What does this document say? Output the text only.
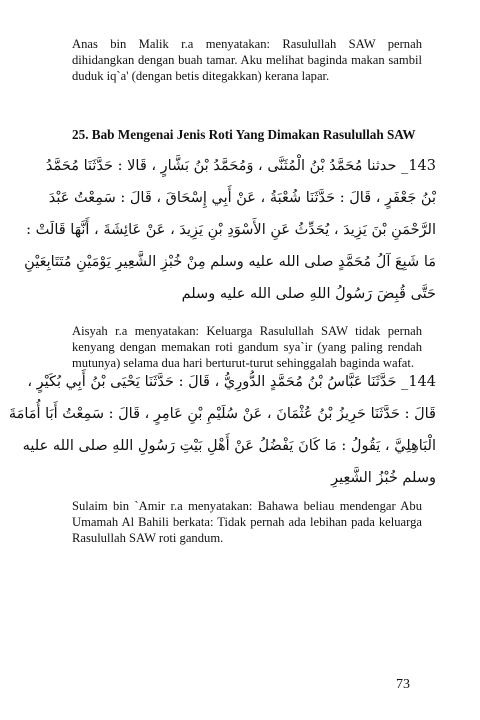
Anas bin Malik r.a menyatakan: Rasulullah SAW pernah dihidangkan dengan buah tamar. Aku melihat baginda makan sambil duduk iq`a' (dengan betis ditegakkan) kerana lapar.

25. Bab Mengenai Jenis Roti Yang Dimakan Rasulullah SAW
143_ حدثنا مُحَمَّدُ بْنُ الْمُثَنَّى ، وَمُحَمَّدُ بْنُ بَشَّارٍ ، قَالا : حَدَّثَنَا مُحَمَّدُ
بْنُ جَعْفَرٍ ، قَالَ : حَدَّثَنَا شُعْبَةُ ، عَنْ أَبِي إِسْحَاقَ ، قَالَ : سَمِعْتُ عَبْدَ
الرَّحْمَنِ بْنَ يَزِيدَ ، يُحَدِّثُ عَنِ الأَسْوَدِ بْنِ يَزِيدَ ، عَنْ عَائِشَةَ ، أَنَّهَا قَالَتْ :
مَا شَبِعَ آلُ مُحَمَّدٍ صلى الله عليه وسلم مِنْ خُبْزِ الشَّعِيرِ يَوْمَيْنِ مُتَتَابِعَيْنِ
حَتَّى قُبِضَ رَسُولُ اللهِ صلى الله عليه وسلم

Aisyah r.a menyatakan: Keluarga Rasulullah SAW tidak pernah kenyang dengan memakan roti gandum sya`ir (yang paling rendah mutunya) selama dua hari berturut-turut sehinggalah baginda wafat.

144_ حَدَّثَنَا عَبَّاسُ بْنُ مُحَمَّدٍ الدُّورِيُّ ، قَالَ : حَدَّثَنَا يَحْيَى بْنُ أَبِي بُكَيْرٍ ،
قَالَ : حَدَّثَنَا حَرِيزُ بْنُ عُثْمَانَ ، عَنْ سُلَيْمِ بْنِ عَامِرٍ ، قَالَ : سَمِعْتُ أَبَا أُمَامَةَ
الْبَاهِلِيَّ ، يَقُولُ : مَا كَانَ يَفْضُلُ عَنْ أَهْلِ بَيْتِ رَسُولِ اللهِ صلى الله عليه
وسلم خُبْزُ الشَّعِيرِ

Sulaim bin `Amir r.a menyatakan: Bahawa beliau mendengar Abu Umamah Al Bahili berkata: Tidak pernah ada lebihan pada keluarga Rasulullah SAW roti gandum.

73
